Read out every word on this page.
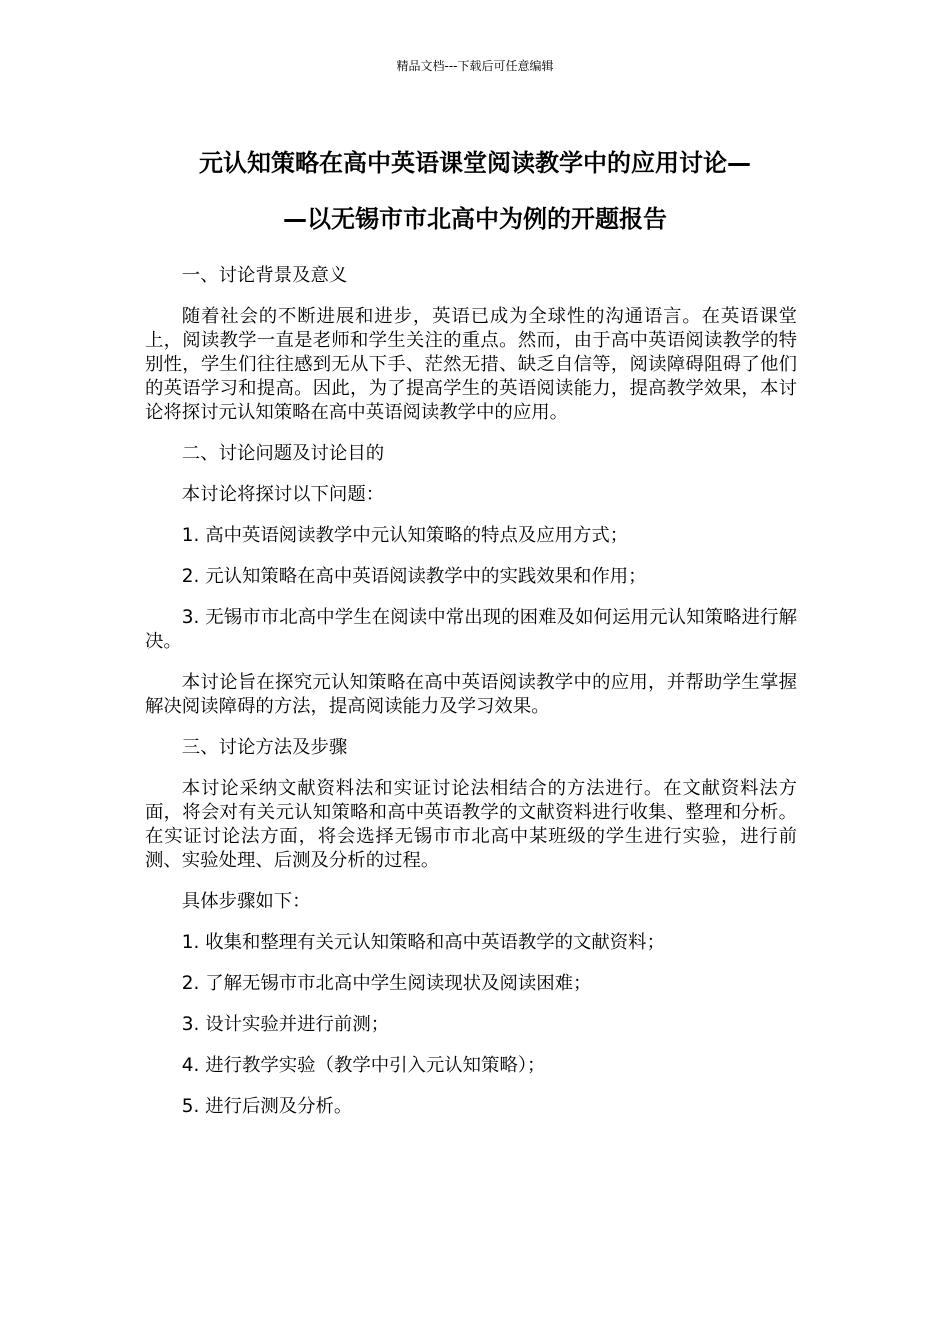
精品文档---下载后可任意编辑
元认知策略在高中英语课堂阅读教学中的应用讨论—
—以无锡市市北高中为例的开题报告
一、讨论背景及意义

随着社会的不断进展和进步，英语已成为全球性的沟通语言。在英语课堂上，阅读教学一直是老师和学生关注的重点。然而，由于高中英语阅读教学的特别性，学生们往往感到无从下手、茫然无措、缺乏自信等，阅读障碍阻碍了他们的英语学习和提高。因此，为了提高学生的英语阅读能力，提高教学效果，本讨论将探讨元认知策略在高中英语阅读教学中的应用。

二、讨论问题及讨论目的

本讨论将探讨以下问题：

1. 高中英语阅读教学中元认知策略的特点及应用方式；

2. 元认知策略在高中英语阅读教学中的实践效果和作用；

3. 无锡市市北高中学生在阅读中常出现的困难及如何运用元认知策略进行解决。

本讨论旨在探究元认知策略在高中英语阅读教学中的应用，并帮助学生掌握解决阅读障碍的方法，提高阅读能力及学习效果。

三、讨论方法及步骤

本讨论采纳文献资料法和实证讨论法相结合的方法进行。在文献资料法方面，将会对有关元认知策略和高中英语教学的文献资料进行收集、整理和分析。在实证讨论法方面，将会选择无锡市市北高中某班级的学生进行实验，进行前测、实验处理、后测及分析的过程。

具体步骤如下：

1. 收集和整理有关元认知策略和高中英语教学的文献资料；

2. 了解无锡市市北高中学生阅读现状及阅读困难；

3. 设计实验并进行前测；

4. 进行教学实验（教学中引入元认知策略）；

5. 进行后测及分析。
